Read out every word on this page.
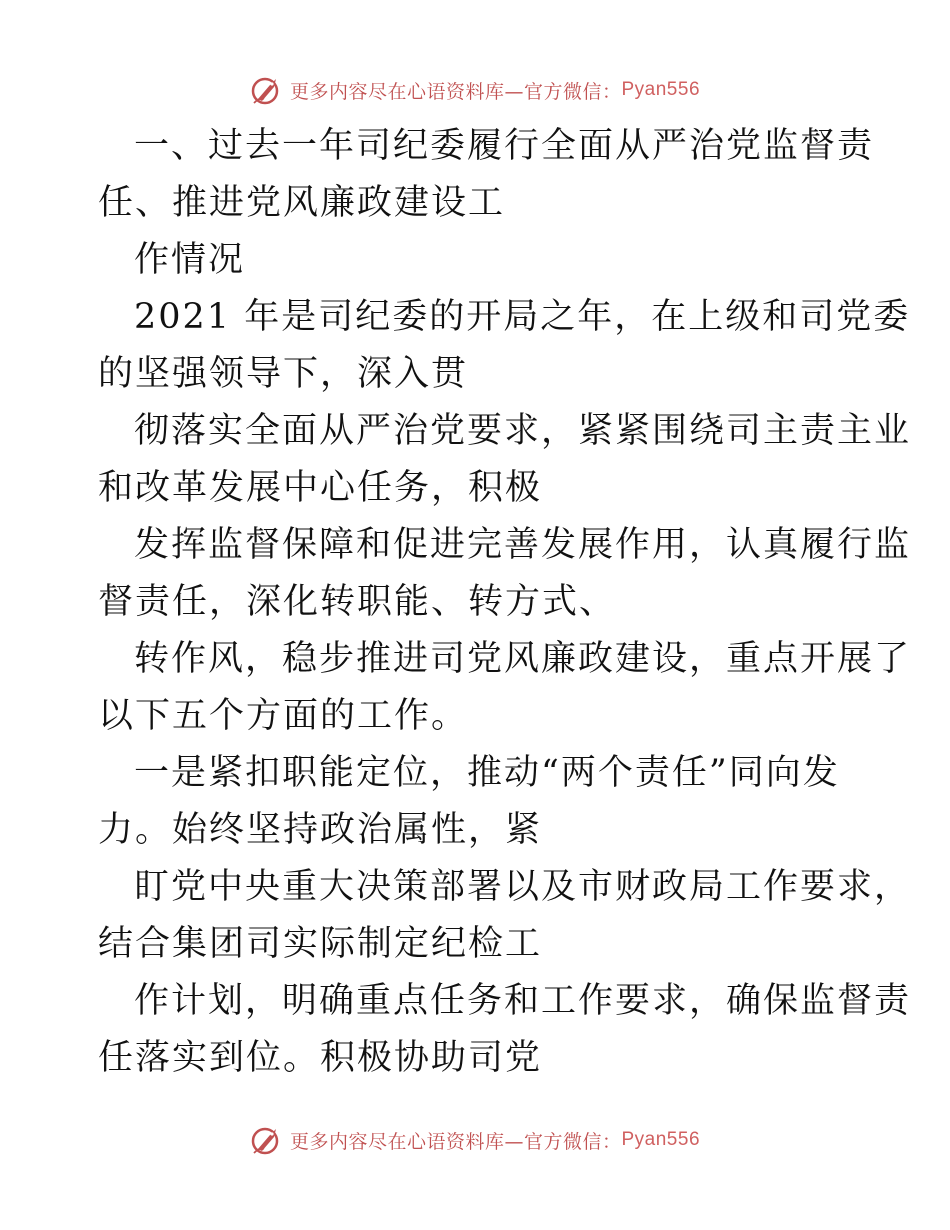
更多内容尽在心语资料库—官方微信： Pyan556
一、过去一年司纪委履行全面从严治党监督责
任、推进党风廉政建设工
作情况
2021 年是司纪委的开局之年，在上级和司党委
的坚强领导下，深入贯
彻落实全面从严治党要求，紧紧围绕司主责主业
和改革发展中心任务，积极
发挥监督保障和促进完善发展作用，认真履行监
督责任，深化转职能、转方式、
转作风，稳步推进司党风廉政建设，重点开展了
以下五个方面的工作。
一是紧扣职能定位，推动“两个责任”同向发
力。始终坚持政治属性，紧
盯党中央重大决策部署以及市财政局工作要求，
结合集团司实际制定纪检工
作计划，明确重点任务和工作要求，确保监督责
任落实到位。积极协助司党
更多内容尽在心语资料库—官方微信： Pyan556
